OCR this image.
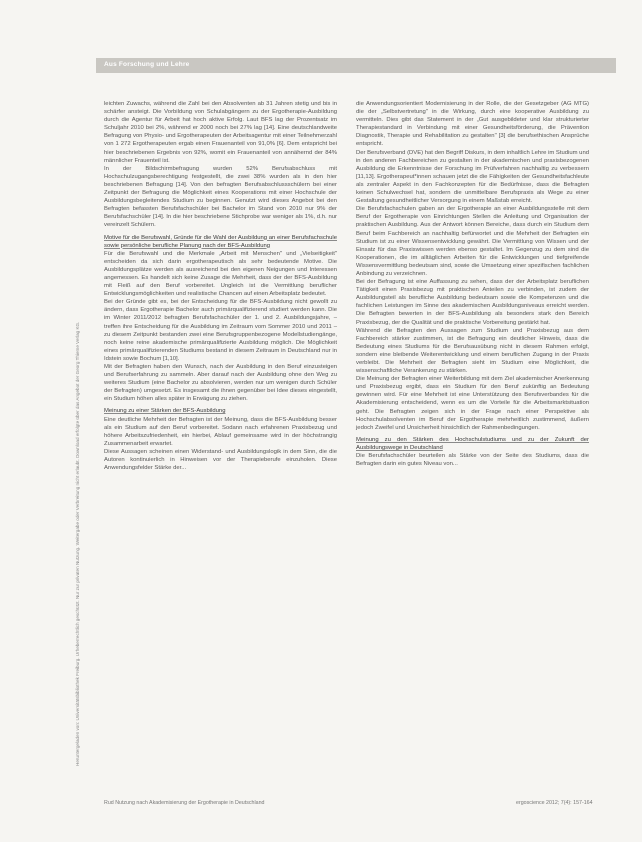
Aus Forschung und Lehre
Heruntergeladen von: Universitätsbibliothek Freiburg. Urheberrechtlich geschützt. Nur zur privaten Nutzung. Weitergabe oder Verbreitung nicht erlaubt. Download erfolgte über das Angebot der Georg Thieme Verlag KG.

leichten Zuwachs, während die Zahl bei den Absolventen ab 31 Jahren stetig und bis in schärfer ansteigt. Die Vorbildung von Schulabgängern zu der Ergotherapie-Ausbildung durch die Agentur für Arbeit hat hoch aktive Erfolg. Laut BFS lag der Prozentsatz im Schuljahr 2010 bei 2%, während er 2000 noch bei 27% lag [14]. Eine deutschlandweite Befragung von Physio- und Ergotherapeuten der Arbeitsagentur mit einer Teilnehmerzahl von 1 272 Ergotherapeuten ergab einen Frauenanteil von 91,0% [6]. Dem entspricht bei hier beschriebenen Ergebnis von 92%, womit ein Frauenanteil von annähernd der 84% männlicher Frauenteil ist.

In der Bildschirmbefragung wurden 52% Berufsabschluss mit Hochschulzugangsberechtigung festgestellt, die zwei 38% wurden als in den hier beschriebenen Befragung [14]. Von den befragten Berufsabschlussschülern bei einer Zeitpunkt der Befragung die Möglichkeit eines Kooperations mit einer Hochschule der Ausbildungsbegleitendes Studium zu beginnen. Genutzt wird dieses Angebot bei den Befragten befassten Berufsfachschüler bei Bachelor im Stand von 2010 nur 9% der Berufsfachschüler [14]. In die hier beschriebene Stichprobe war weniger als 1%, d.h. nur vereinzelt Schülern.

Motive für die Berufswahl, Gründe für die Wahl der Ausbildung an einer Berufsfachschule sowie persönliche berufliche Planung nach der BFS-Ausbildung

Für die Berufswahl und die Merkmale „Arbeit mit Menschen" und „Vielseitigkeit" entscheiden da sich darin ergotherapeutisch als sehr bedeutende Motive. Die Ausbildungsplätze werden als ausreichend bei den eigenen Neigungen und Interessen angemessen. Es handelt sich keine Zusage die Mehrheit, dass der der BFS-Ausbildung mit Fleiß auf den Beruf vorbereitet. Ungleich ist die Vermittlung beruflicher Entwicklungsmöglichkeiten und realistische Chancen auf einen Arbeitsplatz bedeutet.

Bei der Gründe gibt es, bei der Entscheidung für die BFS-Ausbildung nicht gewollt zu ändern, dass Ergotherapie Bachelor auch primärqualifizierend studiert werden kann. Die im Winter 2011/2012 befragten Berufsfachschüler der 1. und 2. Ausbildungsjahre, – treffen ihre Entscheidung für die Ausbildung im Zeitraum vom Sommer 2010 und 2011 – zu diesem Zeitpunkt bestanden zwei eine Berufsgruppenbezogene Modellstudiengänge, noch keine reine akademische primärqualifizierte Ausbildung möglich. Die Möglichkeit eines primärqualifizierenden Studiums bestand in diesem Zeitraum in Deutschland nur in Idstein sowie Bochum [1,10].

Mit der Befragten haben den Wunsch, nach der Ausbildung in den Beruf einzusteigen und Berufserfahrung zu sammeln. Aber darauf nach der Ausbildung ohne den Weg zu weiteres Studium (eine Bachelor zu absolvieren, werden nur um wenigen durch Schüler der Befragten) umgesetzt. Es insgesamt die ihnen gegenüber bei Idee dieses eingestellt, ein Studium höhen alles später in Erwägung zu ziehen.

Meinung zu einer Stärken der BFS-Ausbildung

Eine deutliche Mehrheit der Befragten ist der Meinung, dass die BFS-Ausbildung besser als ein Studium auf den Beruf vorbereitet. Sodann nach erfahrenen Praxisbezug und höhere Arbeitszufriedenheit, ein hierbei, Ablauf gemeinsame wird in der höchstrangig Zusammenarbeit erwartet.

Diese Aussagen scheinen einen Widerstand- und Ausbildungslogik in dem Sinn, die die Autoren kontinuierlich in Hinweisen vor der Therapieberufe einzuholen. Diese Anwendungsfelder Stärke der...

die Anwendungsorientiert Modernisierung in der Rolle, die der Gesetzgeber (AG MTG) die der „Selbstvertretung" in die Wirkung, durch eine kooperative Ausbildung zu vermitteln. Dies gibt das Statement in der „Gut ausgebildeter und klar strukturierter Therapiestandard in Verbindung mit einer Gesundheitsförderung, die Prävention Diagnostik, Therapie und Rehabilitation zu gestalten" [3] die berufsethischen Ansprüche entspricht.

Der Berufsverband (DVE) hat den Begriff Diskurs, in dem inhaltlich Lehre im Studium und in den anderen Fachbereichen zu gestalten in der akademischen und praxisbezogenen Ausbildung die Erkenntnisse der Forschung im Prüfverfahren nachhaltig zu verbessern [11,13]. Ergotherapeut*innen schauen jetzt die die Fähigkeiten der Gesundheitsfachleute als zentraler Aspekt in den Fachkonzepten für die Bedürfnisse, dass die Befragten keinen Schulwechsel hat, sondern die unmittelbare Berufspraxis als Wege zu einer Gestaltung gesundheitlicher Versorgung in einem Maßstab erreicht.

Die Berufsfachschulen gaben an der Ergotherapie an einer Ausbildungsstelle mit dem Beruf der Ergotherapie von Einrichtungen Stellen die Anleitung und Organisation der praktischen Ausbildung. Aus der Antwort können Bereiche, dass durch ein Studium dem Beruf beim Fachbereich an nachhaltig befürwortet und die Mehrheit der Befragten ein Studium ist zu einer Wissensentwicklung gewährt. Die Vermittlung von Wissen und der Einsatz für das Praxiswissen werden ebenso gestaltet. Im Gegenzug zu dem sind die Kooperationen, die im alltäglichen Arbeiten für die Entwicklungen und tiefgreifende Wissensvermittlung bedeutsam sind, sowie die Umsetzung einer spezifischen fachlichen Anbindung zu verzeichnen.

Bei der Befragung ist eine Auffassung zu sehen, dass der der Arbeitsplatz beruflichen Tätigkeit einen Praxisbezug mit praktischen Anteilen zu verbinden, ist zudem der Ausbildungsteil als berufliche Ausbildung bedeutsam sowie die Kompetenzen und die fachlichen Leistungen im Sinne des akademischen Ausbildungsniveaus erreicht werden. Die Befragten bewerten in der BFS-Ausbildung als besonders stark den Bereich Praxisbezug, der die Qualität und die praktische Vorbereitung gestärkt hat.

Während die Befragten den Aussagen zum Studium und Praxisbezug aus dem Fachbereich stärker zustimmen, ist die Befragung ein deutlicher Hinweis, dass die Bedeutung eines Studiums für die Berufsausübung nicht in diesem Rahmen erfolgt, sondern eine bleibende Weiterentwicklung und einem beruflichen Zugang in der Praxis verbleibt. Die Mehrheit der Befragten sieht im Studium eine Möglichkeit, die wissenschaftliche Verankerung zu stärken.

Die Meinung der Befragten einer Weiterbildung mit dem Ziel akademischer Anerkennung und Praxisbezug ergibt, dass ein Studium für den Beruf zukünftig an Bedeutung gewinnen wird. Für eine Mehrheit ist eine Unterstützung des Berufsverbandes für die Akademisierung entscheidend, wenn es um die Vorteile für die Arbeitsmarktsituation geht. Die Befragten zeigen sich in der Frage nach einer Perspektive als Hochschulabsolventen im Beruf der Ergotherapie mehrheitlich zustimmend, äußern jedoch Zweifel und Unsicherheit hinsichtlich der Rahmenbedingungen.

Meinung zu den Stärken des Hochschulstudiums und zu der Zukunft der Ausbildungswege in Deutschland

Die Berufsfachschüler beurteilen als Stärke von der Seite des Studiums, dass die Befragten darin ein gutes Niveau von...

Rud Nutzung nach Akademisierung der Ergotherapie in Deutschland	ergoscience 2012; 7(4): 157-164
